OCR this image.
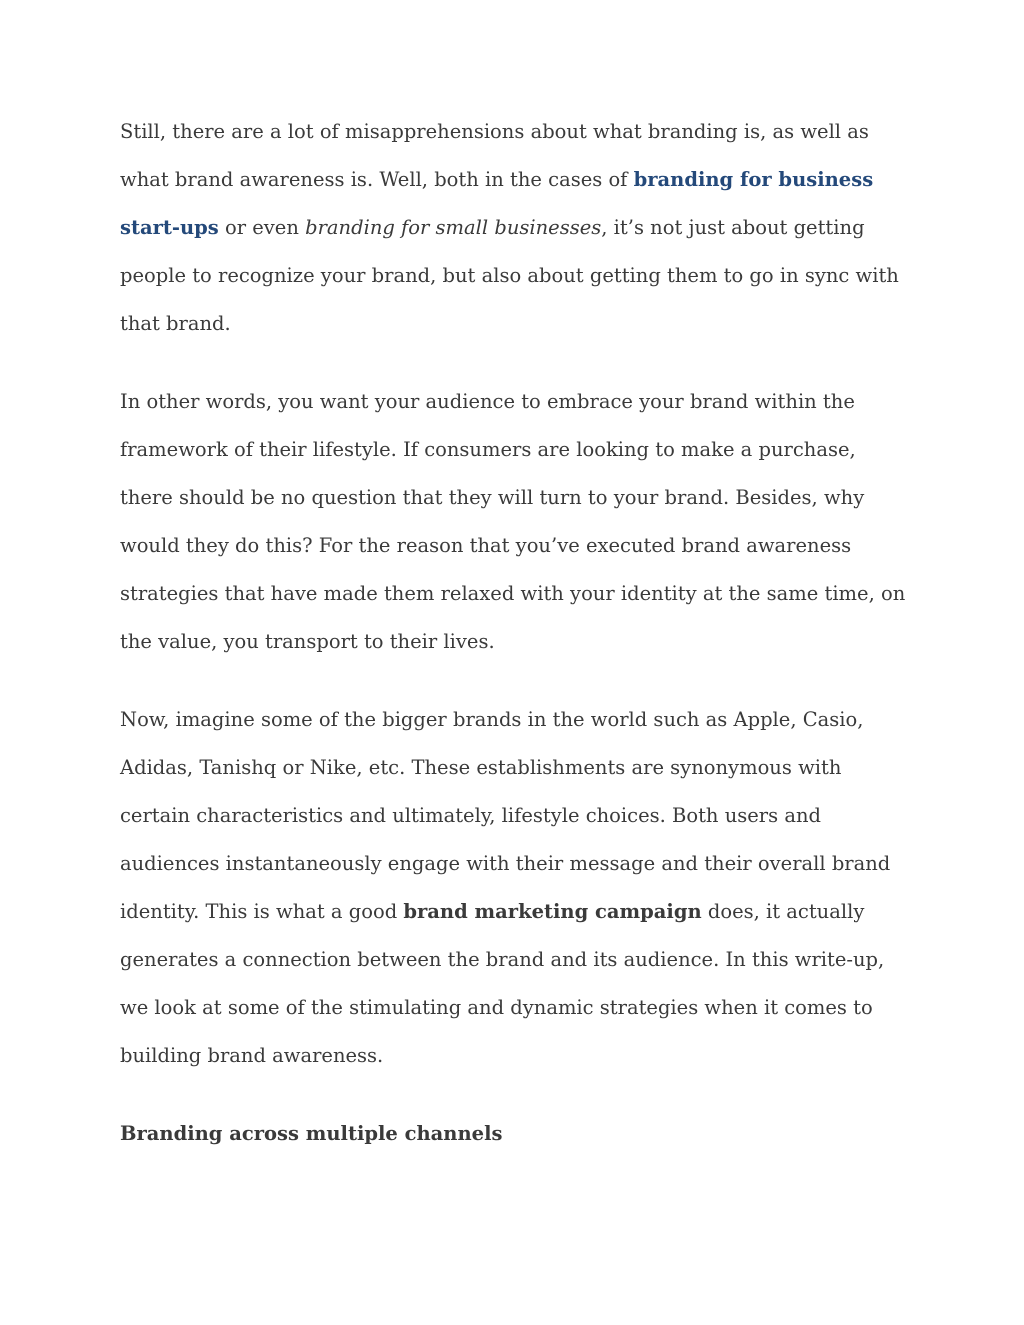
Still, there are a lot of misapprehensions about what branding is, as well as what brand awareness is. Well, both in the cases of branding for business start-ups or even branding for small businesses, it’s not just about getting people to recognize your brand, but also about getting them to go in sync with that brand.

In other words, you want your audience to embrace your brand within the framework of their lifestyle. If consumers are looking to make a purchase, there should be no question that they will turn to your brand. Besides, why would they do this? For the reason that you’ve executed brand awareness strategies that have made them relaxed with your identity at the same time, on the value, you transport to their lives.

Now, imagine some of the bigger brands in the world such as Apple, Casio, Adidas, Tanishq or Nike, etc. These establishments are synonymous with certain characteristics and ultimately, lifestyle choices. Both users and audiences instantaneously engage with their message and their overall brand identity. This is what a good brand marketing campaign does, it actually generates a connection between the brand and its audience. In this write-up, we look at some of the stimulating and dynamic strategies when it comes to building brand awareness.

Branding across multiple channels
